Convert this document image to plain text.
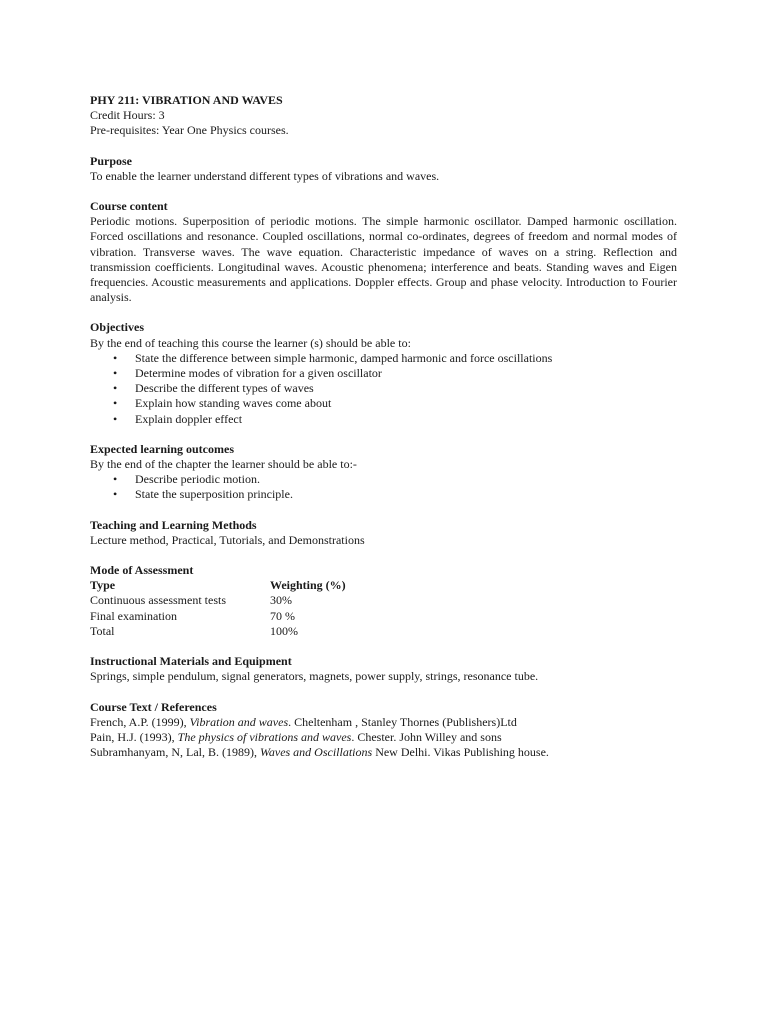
PHY 211: VIBRATION AND WAVES

Credit Hours: 3

Pre-requisites: Year One Physics courses.

Purpose

To enable the learner understand different types of vibrations and waves.

Course content

Periodic motions. Superposition of periodic motions. The simple harmonic oscillator. Damped harmonic oscillation. Forced oscillations and resonance. Coupled oscillations, normal co-ordinates, degrees of freedom and normal modes of vibration. Transverse waves. The wave equation. Characteristic impedance of waves on a string. Reflection and transmission coefficients. Longitudinal waves. Acoustic phenomena; interference and beats. Standing waves and Eigen frequencies. Acoustic measurements and applications. Doppler effects. Group and phase velocity. Introduction to Fourier analysis.

Objectives

By the end of teaching this course the learner (s) should be able to:

• State the difference between simple harmonic, damped harmonic and force oscillations
• Determine modes of vibration for a given oscillator
• Describe the different types of waves
• Explain how standing waves come about
• Explain doppler effect

Expected learning outcomes

By the end of the chapter the learner should be able to:-

• Describe periodic motion.
• State the superposition principle.

Teaching and Learning Methods

Lecture method, Practical, Tutorials, and Demonstrations

Mode of Assessment

Type	Weighting (%)
Continuous assessment tests	30%
Final examination	70 %
Total	100%

Instructional Materials and Equipment

Springs, simple pendulum, signal generators, magnets, power supply, strings, resonance tube.

Course Text / References

French, A.P. (1999), Vibration and waves. Cheltenham , Stanley Thornes (Publishers)Ltd

Pain, H.J. (1993), The physics of vibrations and waves. Chester. John Willey and sons

Subramhanyam, N, Lal, B. (1989), Waves and Oscillations New Delhi. Vikas Publishing house.
